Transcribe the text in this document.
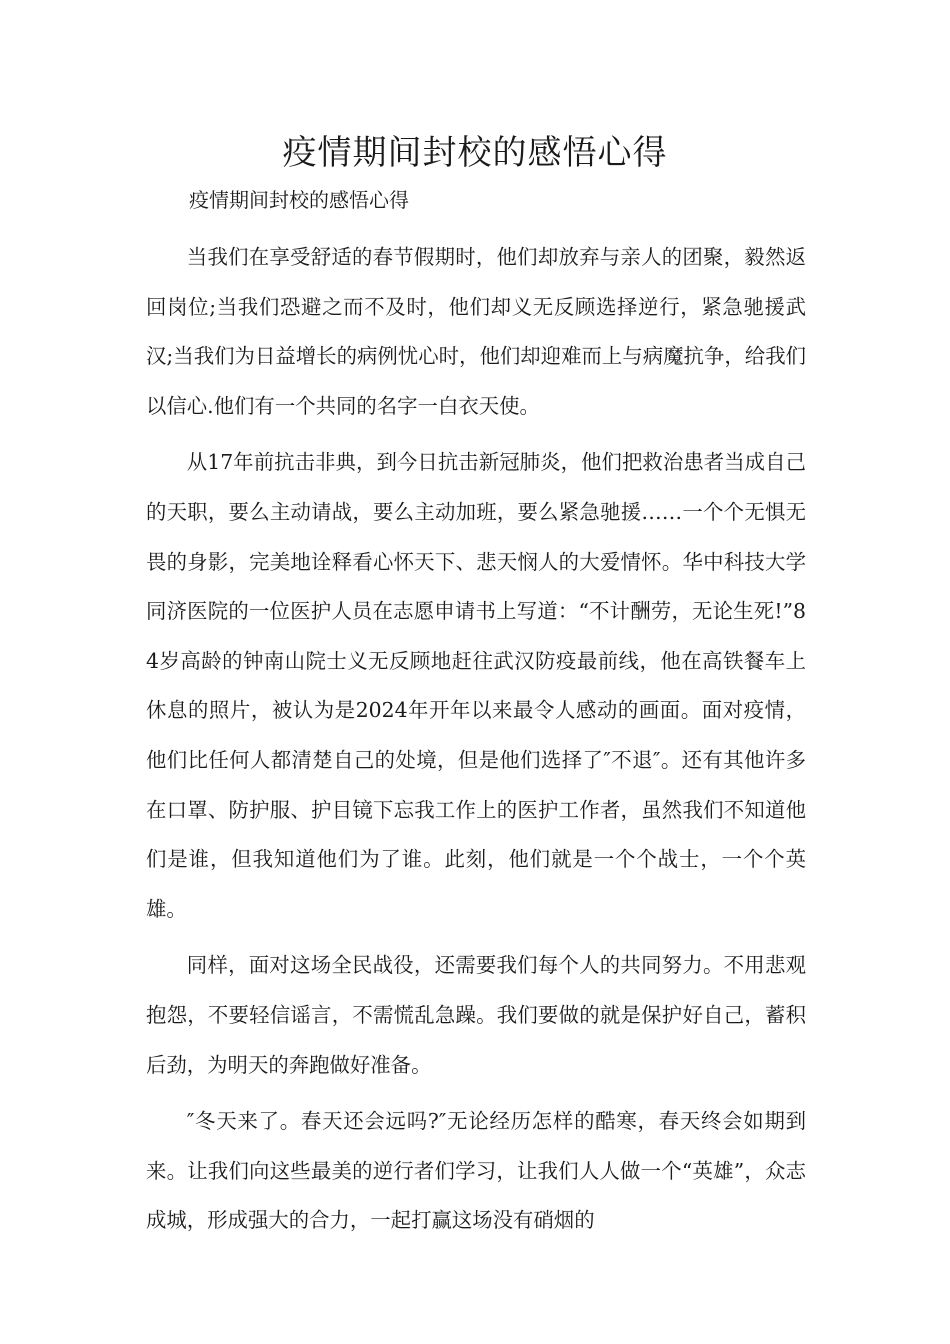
疫情期间封校的感悟心得

疫情期间封校的感悟心得

当我们在享受舒适的春节假期时，他们却放弃与亲人的团聚，毅然返回岗位;当我们恐避之而不及时，他们却义无反顾选择逆行，紧急驰援武汉;当我们为日益增长的病例忧心时，他们却迎难而上与病魔抗争，给我们以信心.他们有一个共同的名字一白衣天使。

从17年前抗击非典，到今日抗击新冠肺炎，他们把救治患者当成自己的天职，要么主动请战，要么主动加班，要么紧急驰援……一个个无惧无畏的身影，完美地诠释看心怀天下、悲天悯人的大爱情怀。华中科技大学同济医院的一位医护人员在志愿申请书上写道：“不计酬劳，无论生死!”84岁高龄的钟南山院士义无反顾地赶往武汉防疫最前线，他在高铁餐车上休息的照片，被认为是2024年开年以来最令人感动的画面。面对疫情，他们比任何人都清楚自己的处境，但是他们选择了″不退″。还有其他许多在口罩、防护服、护目镜下忘我工作上的医护工作者，虽然我们不知道他们是谁，但我知道他们为了谁。此刻，他们就是一个个战士，一个个英雄。

同样，面对这场全民战役，还需要我们每个人的共同努力。不用悲观抱怨，不要轻信谣言，不需慌乱急躁。我们要做的就是保护好自己，蓄积后劲，为明天的奔跑做好准备。

″冬天来了。春天还会远吗?″无论经历怎样的酷寒，春天终会如期到来。让我们向这些最美的逆行者们学习，让我们人人做一个“英雄”，众志成城，形成强大的合力，一起打赢这场没有硝烟的
